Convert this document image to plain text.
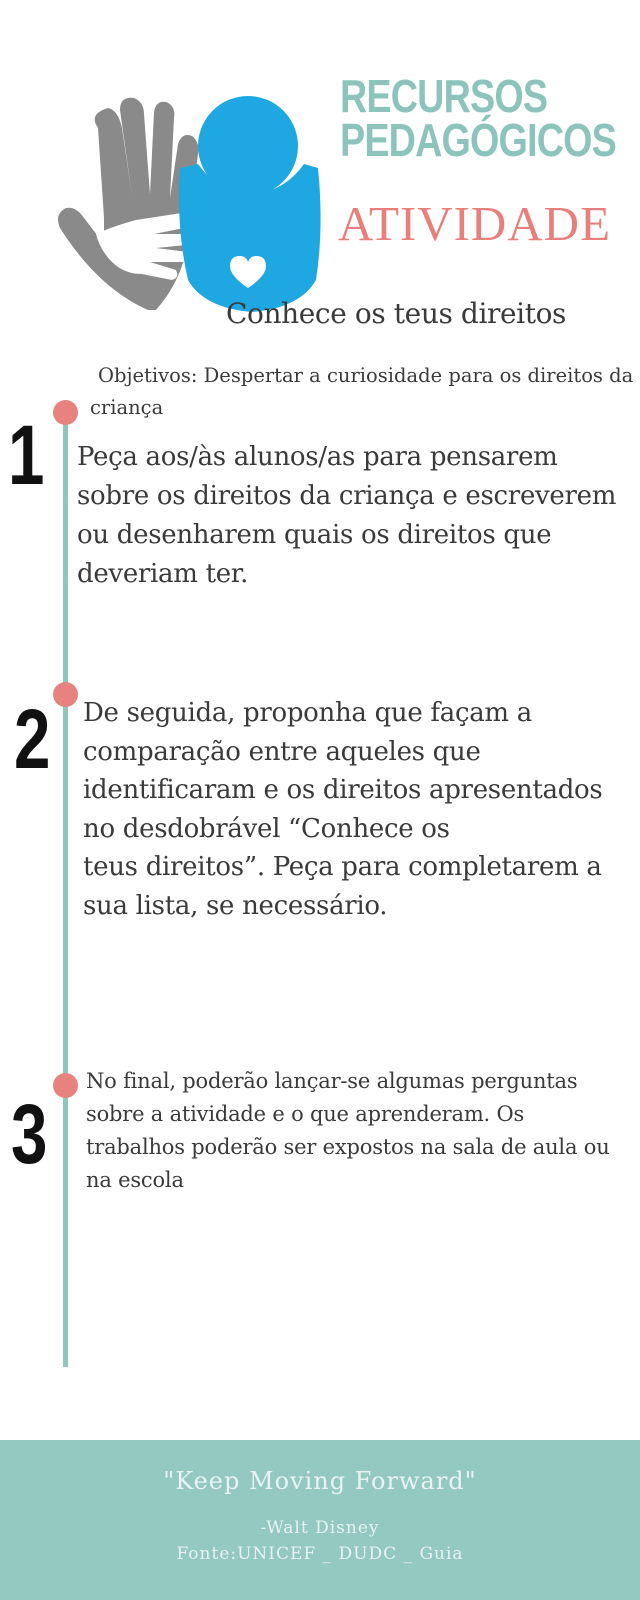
RECURSOS
PEDAGÓGICOS
ATIVIDADE
Conhece os teus direitos
Objetivos: Despertar a curiosidade para os direitos da criança
1
2
3
Peça aos/às alunos/as para pensarem sobre os direitos da criança e escreverem ou desenharem quais os direitos que deveriam ter.
De seguida, proponha que façam a comparação entre aqueles que identificaram e os direitos apresentados no desdobrável “Conhece os
teus direitos”. Peça para completarem a sua lista, se necessário.
No final, poderão lançar-se algumas perguntas sobre a atividade e o que aprenderam. Os trabalhos poderão ser expostos na sala de aula ou na escola
"Keep Moving Forward"
-Walt Disney
Fonte:UNICEF _ DUDC _ Guia
